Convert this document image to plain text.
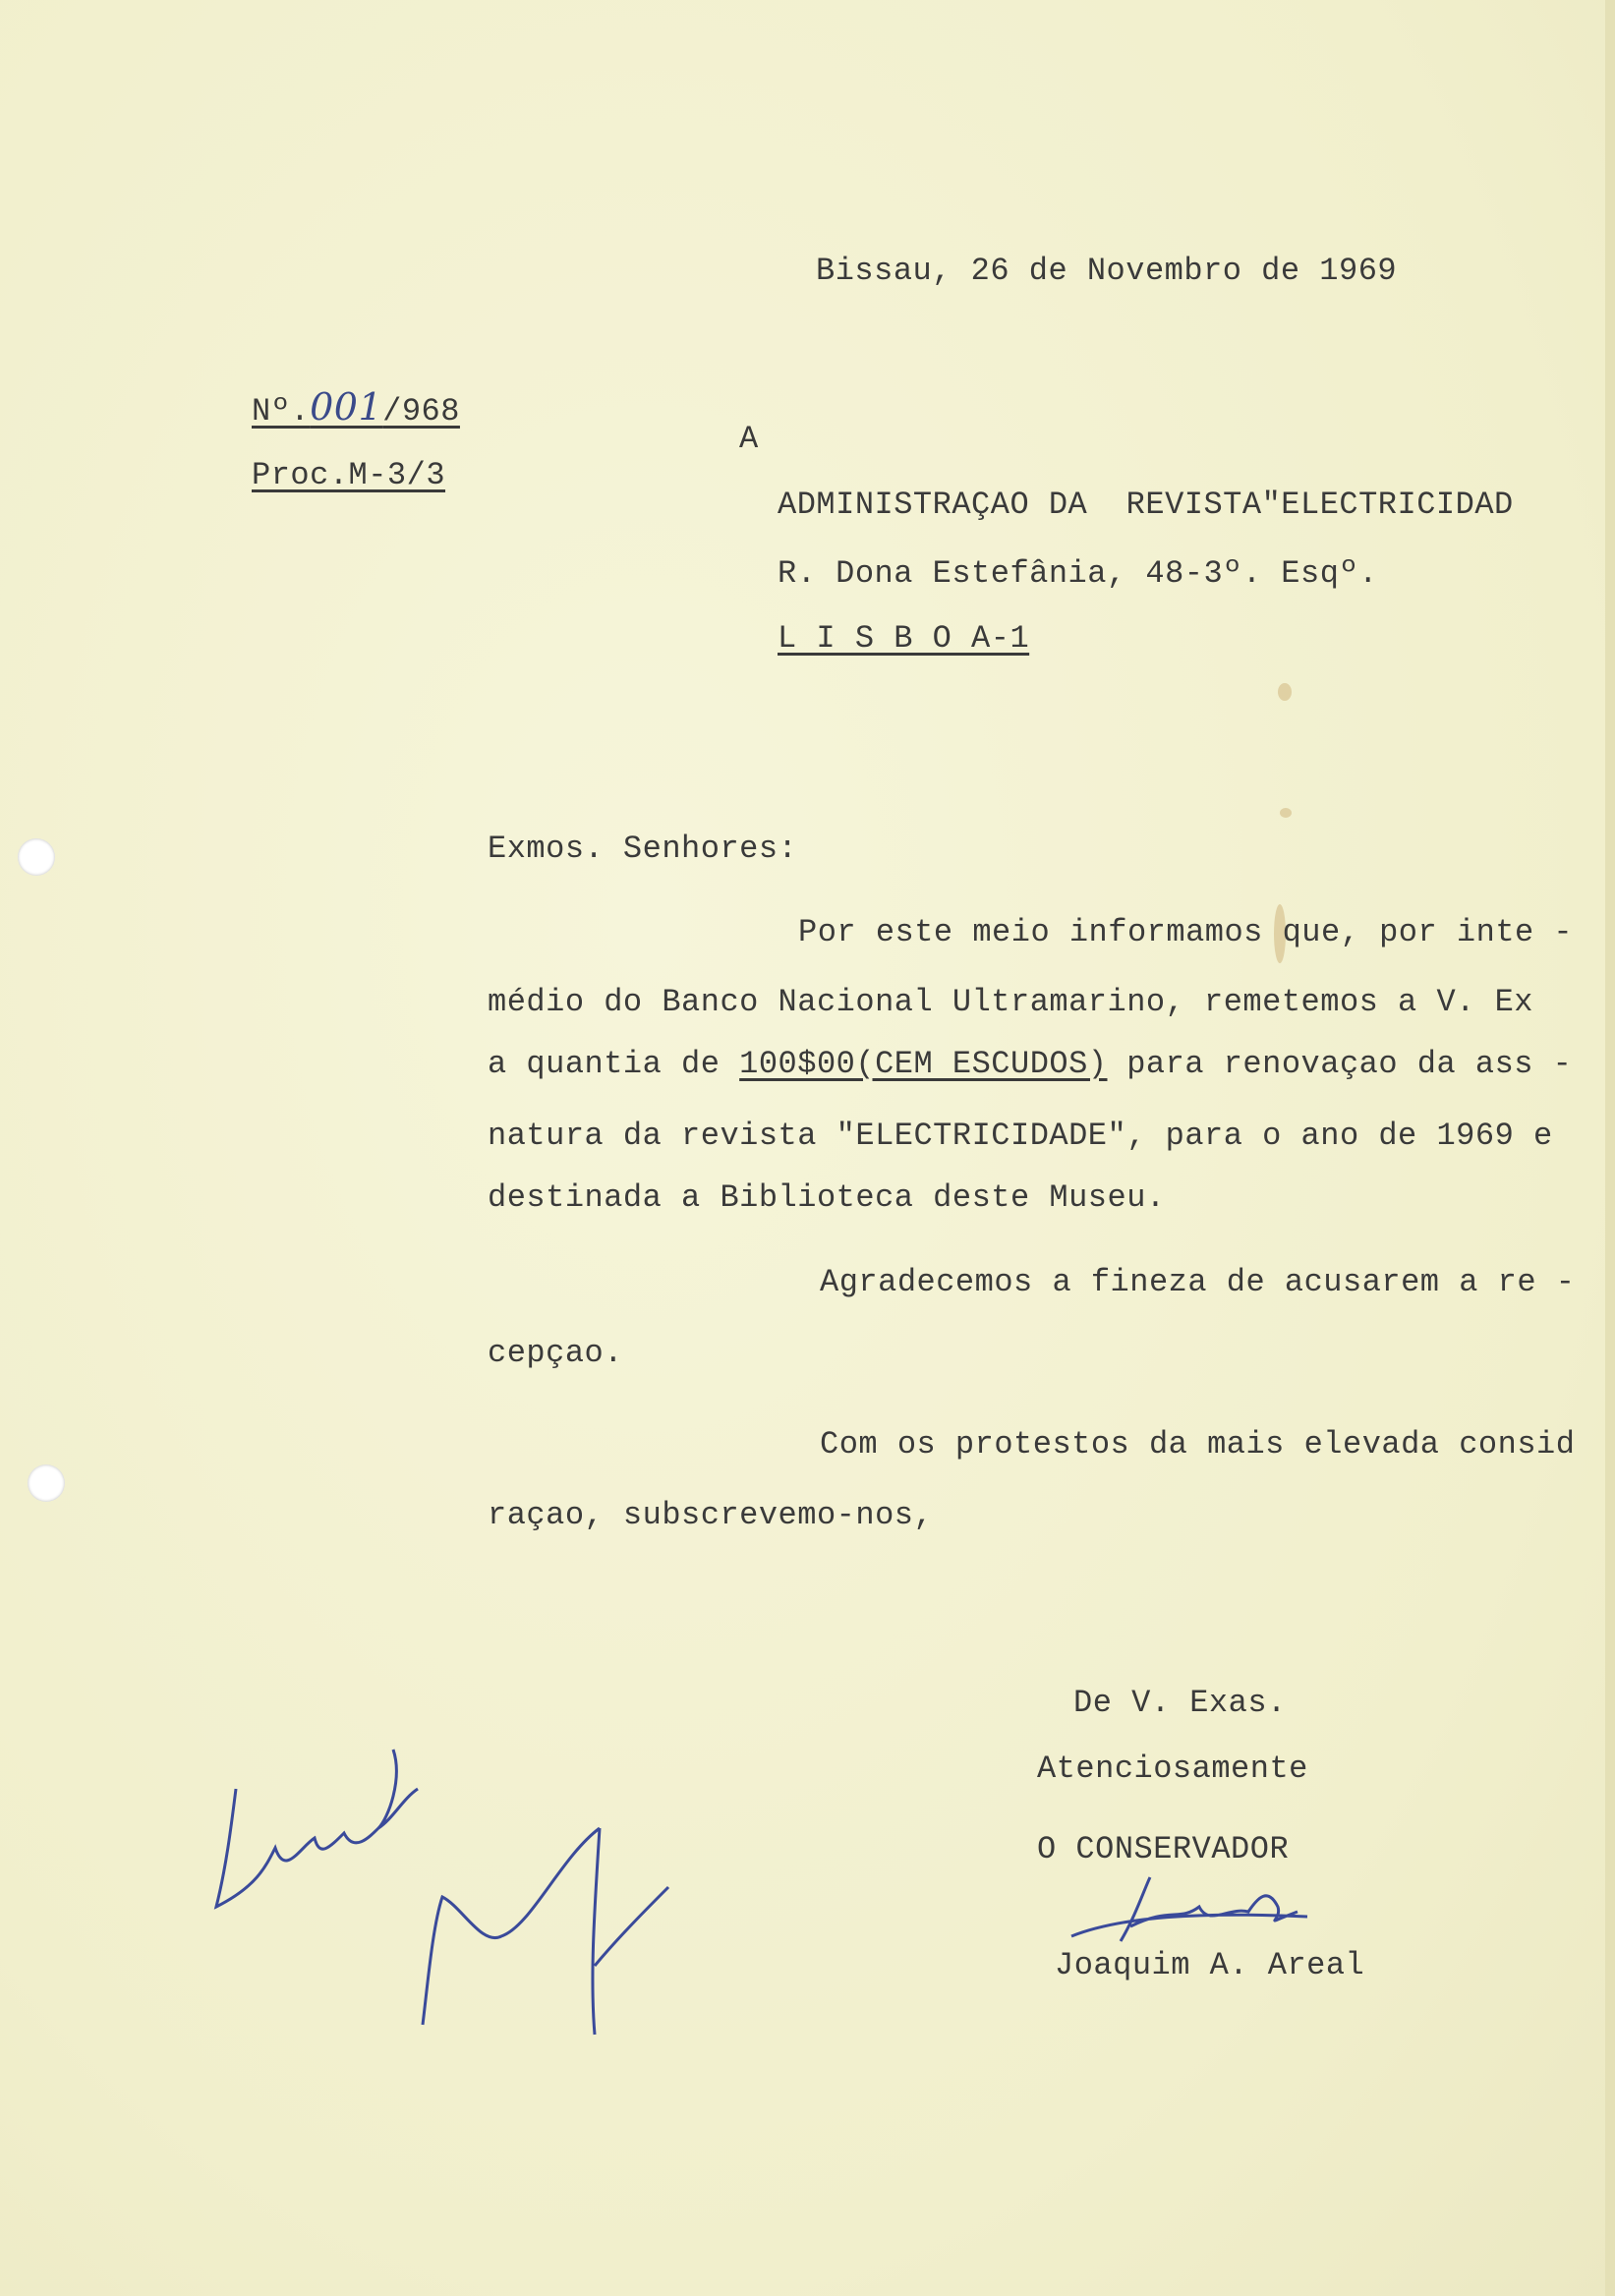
Bissau, 26 de Novembro de 1969
Nº.001/968
Proc.M-3/3
A
ADMINISTRAÇAO DA  REVISTA"ELECTRICIDAD
R. Dona Estefânia, 48-3º. Esqº.
L I S B O A-1
Exmos. Senhores:
Por este meio informamos que, por inte -
médio do Banco Nacional Ultramarino, remetemos a V. Ex
a quantia de 100$00(CEM ESCUDOS) para renovaçao da ass -
natura da revista "ELECTRICIDADE", para o ano de 1969 e
destinada a Biblioteca deste Museu.
Agradecemos a fineza de acusarem a re -
cepçao.
Com os protestos da mais elevada consid
raçao, subscrevemo-nos,
De V. Exas.
Atenciosamente
O CONSERVADOR
Joaquim A. Areal
